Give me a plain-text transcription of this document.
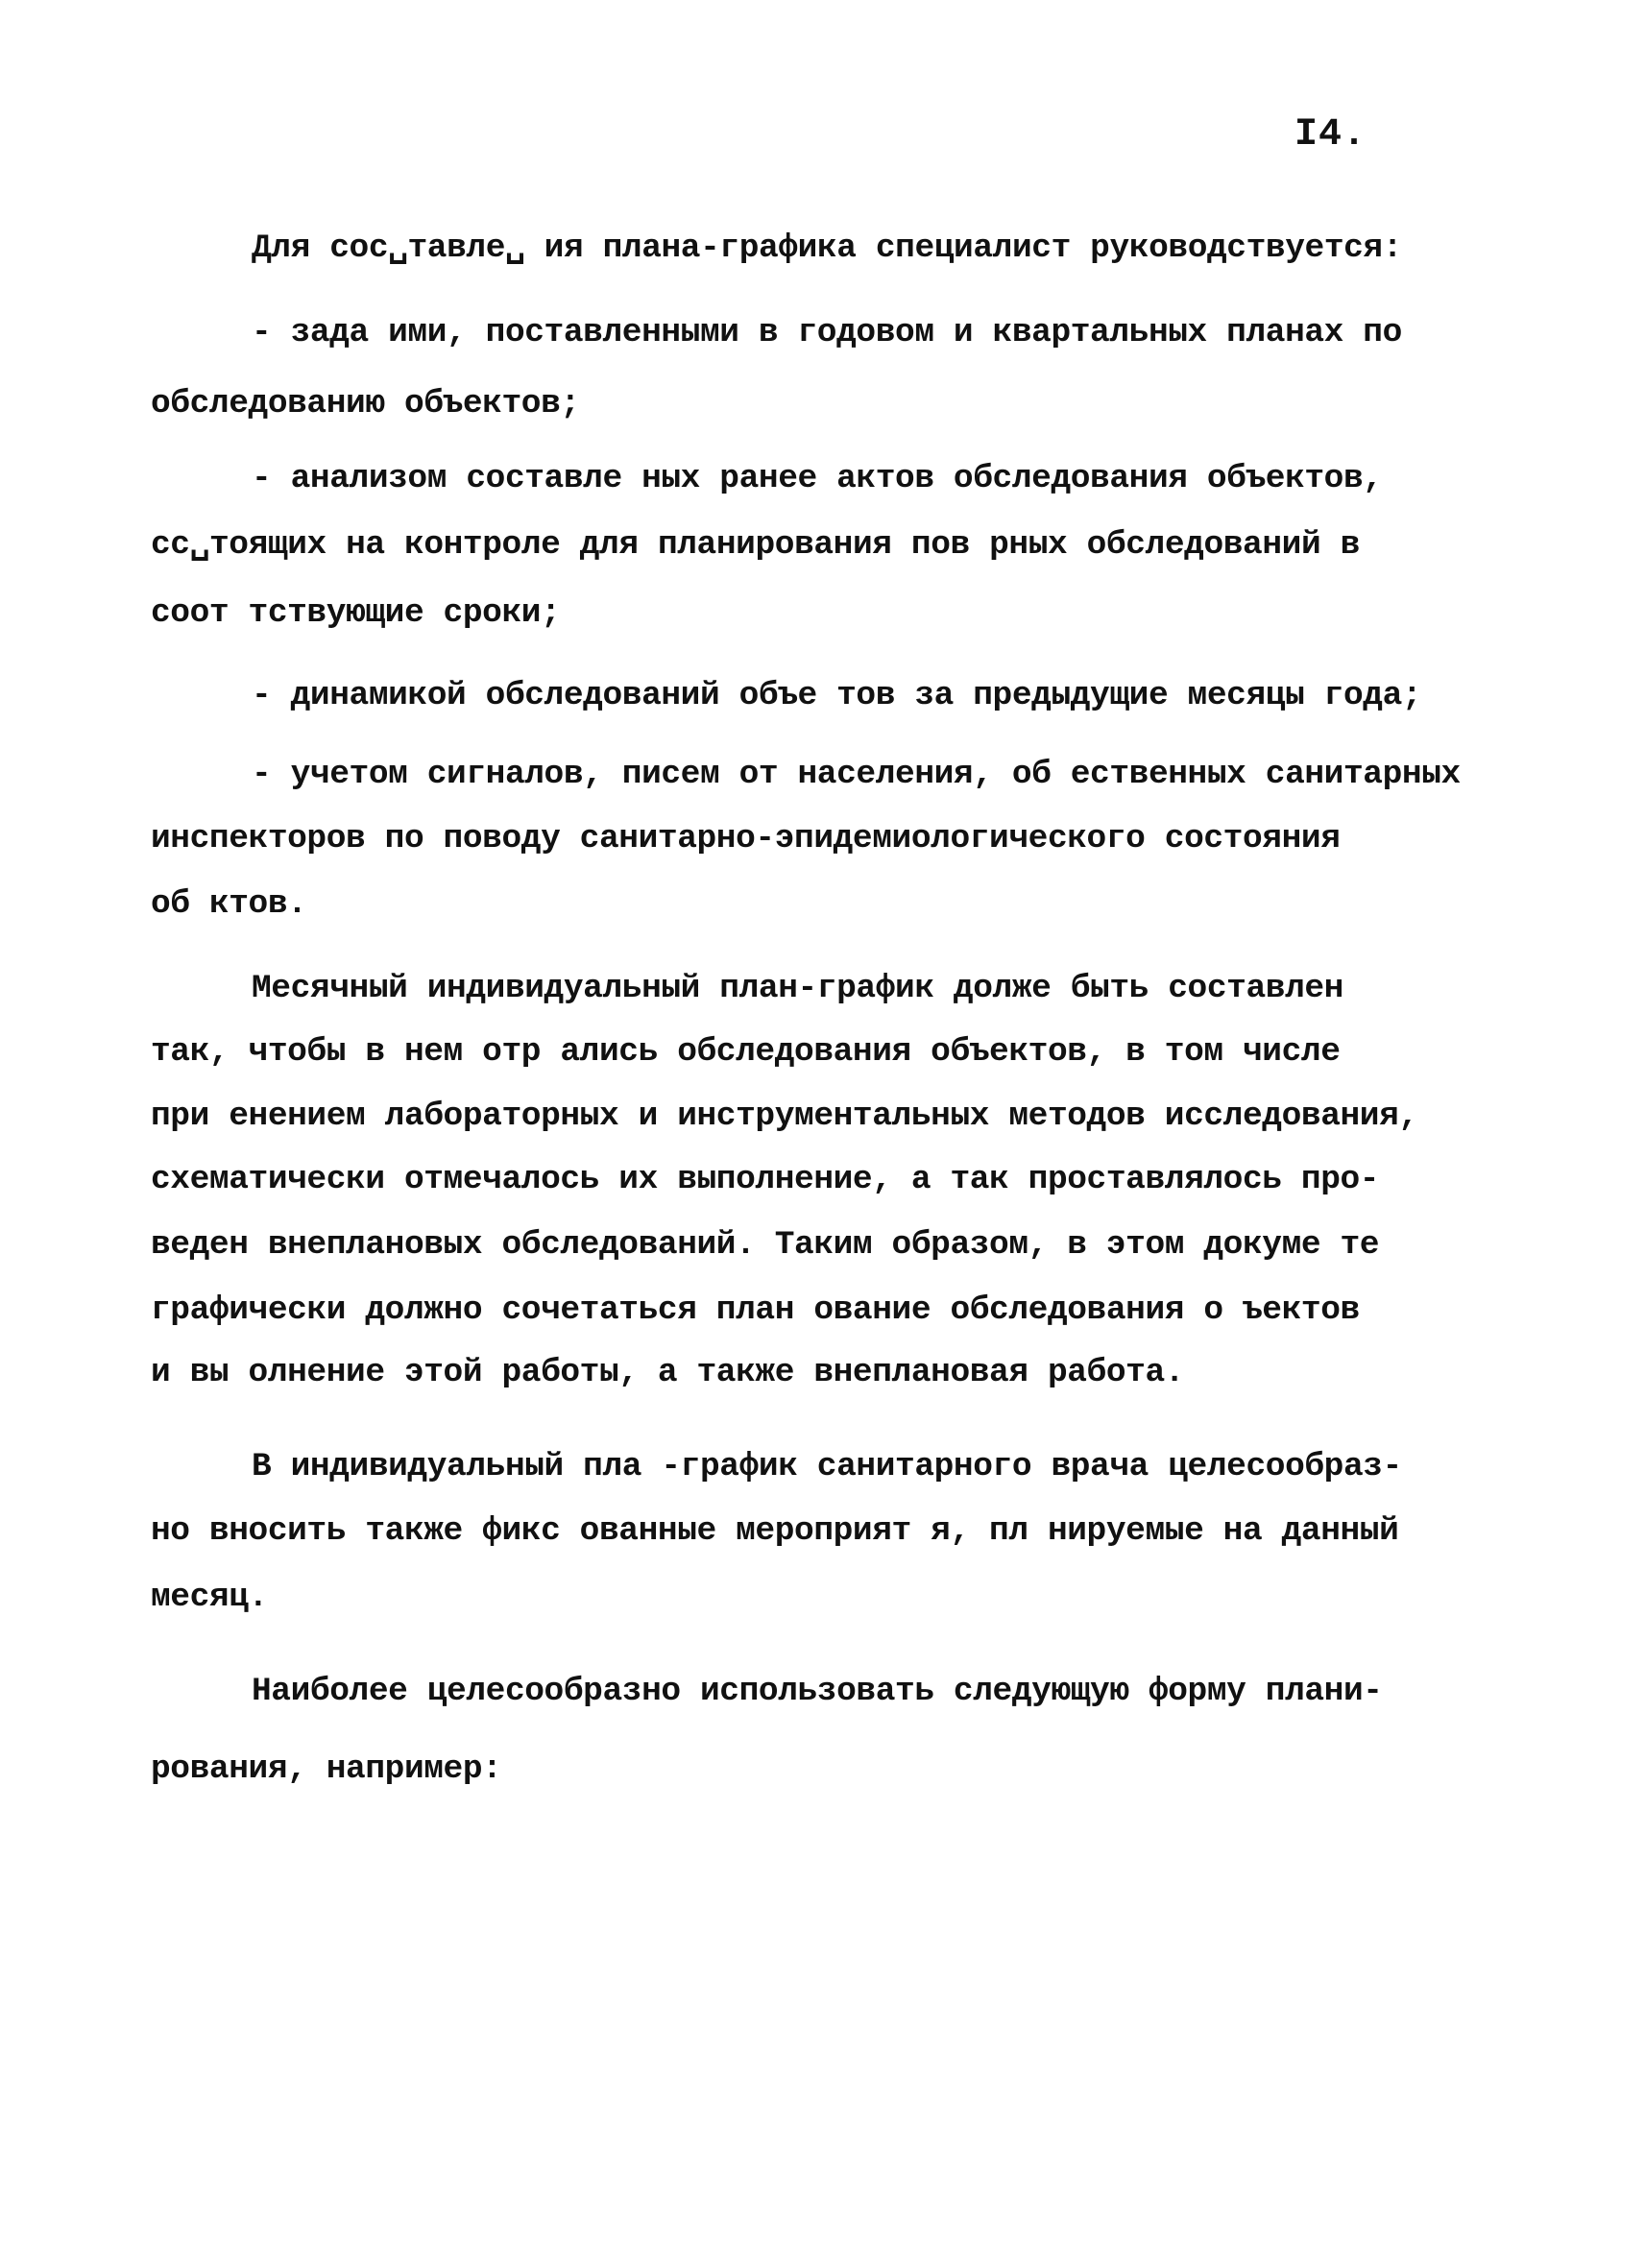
I4.
Для сос␣тавле␣ ия плана-графика специалист руководствуется:
- зада ими, поставленными в годовом и квартальных планах по
обследованию объектов;
- анализом составле ных ранее актов обследования объектов,
сс␣тоящих на контроле для планирования пов рных обследований в
соот тствующие сроки;
- динамикой обследований объе тов за предыдущие месяцы года;
- учетом сигналов, писем от населения, об ественных санитарных
инспекторов по поводу санитарно-эпидемиологического состояния
об ктов.
Месячный индивидуальный план-график долже быть составлен
так, чтобы в нем отр ались обследования объектов, в том числе
при енением лабораторных и инструментальных методов исследования,
схематически отмечалось их выполнение, а так проставлялось про-
веден внеплановых обследований. Таким образом, в этом докуме те
графически должно сочетаться план ование обследования о ъектов
и вы олнение этой работы, а также внеплановая работа.
В индивидуальный пла -график санитарного врача целесообраз-
но вносить также фикс ованные мероприят я, пл нируемые на данный
месяц.
Наиболее целесообразно использовать следующую форму плани-
рования, например:
